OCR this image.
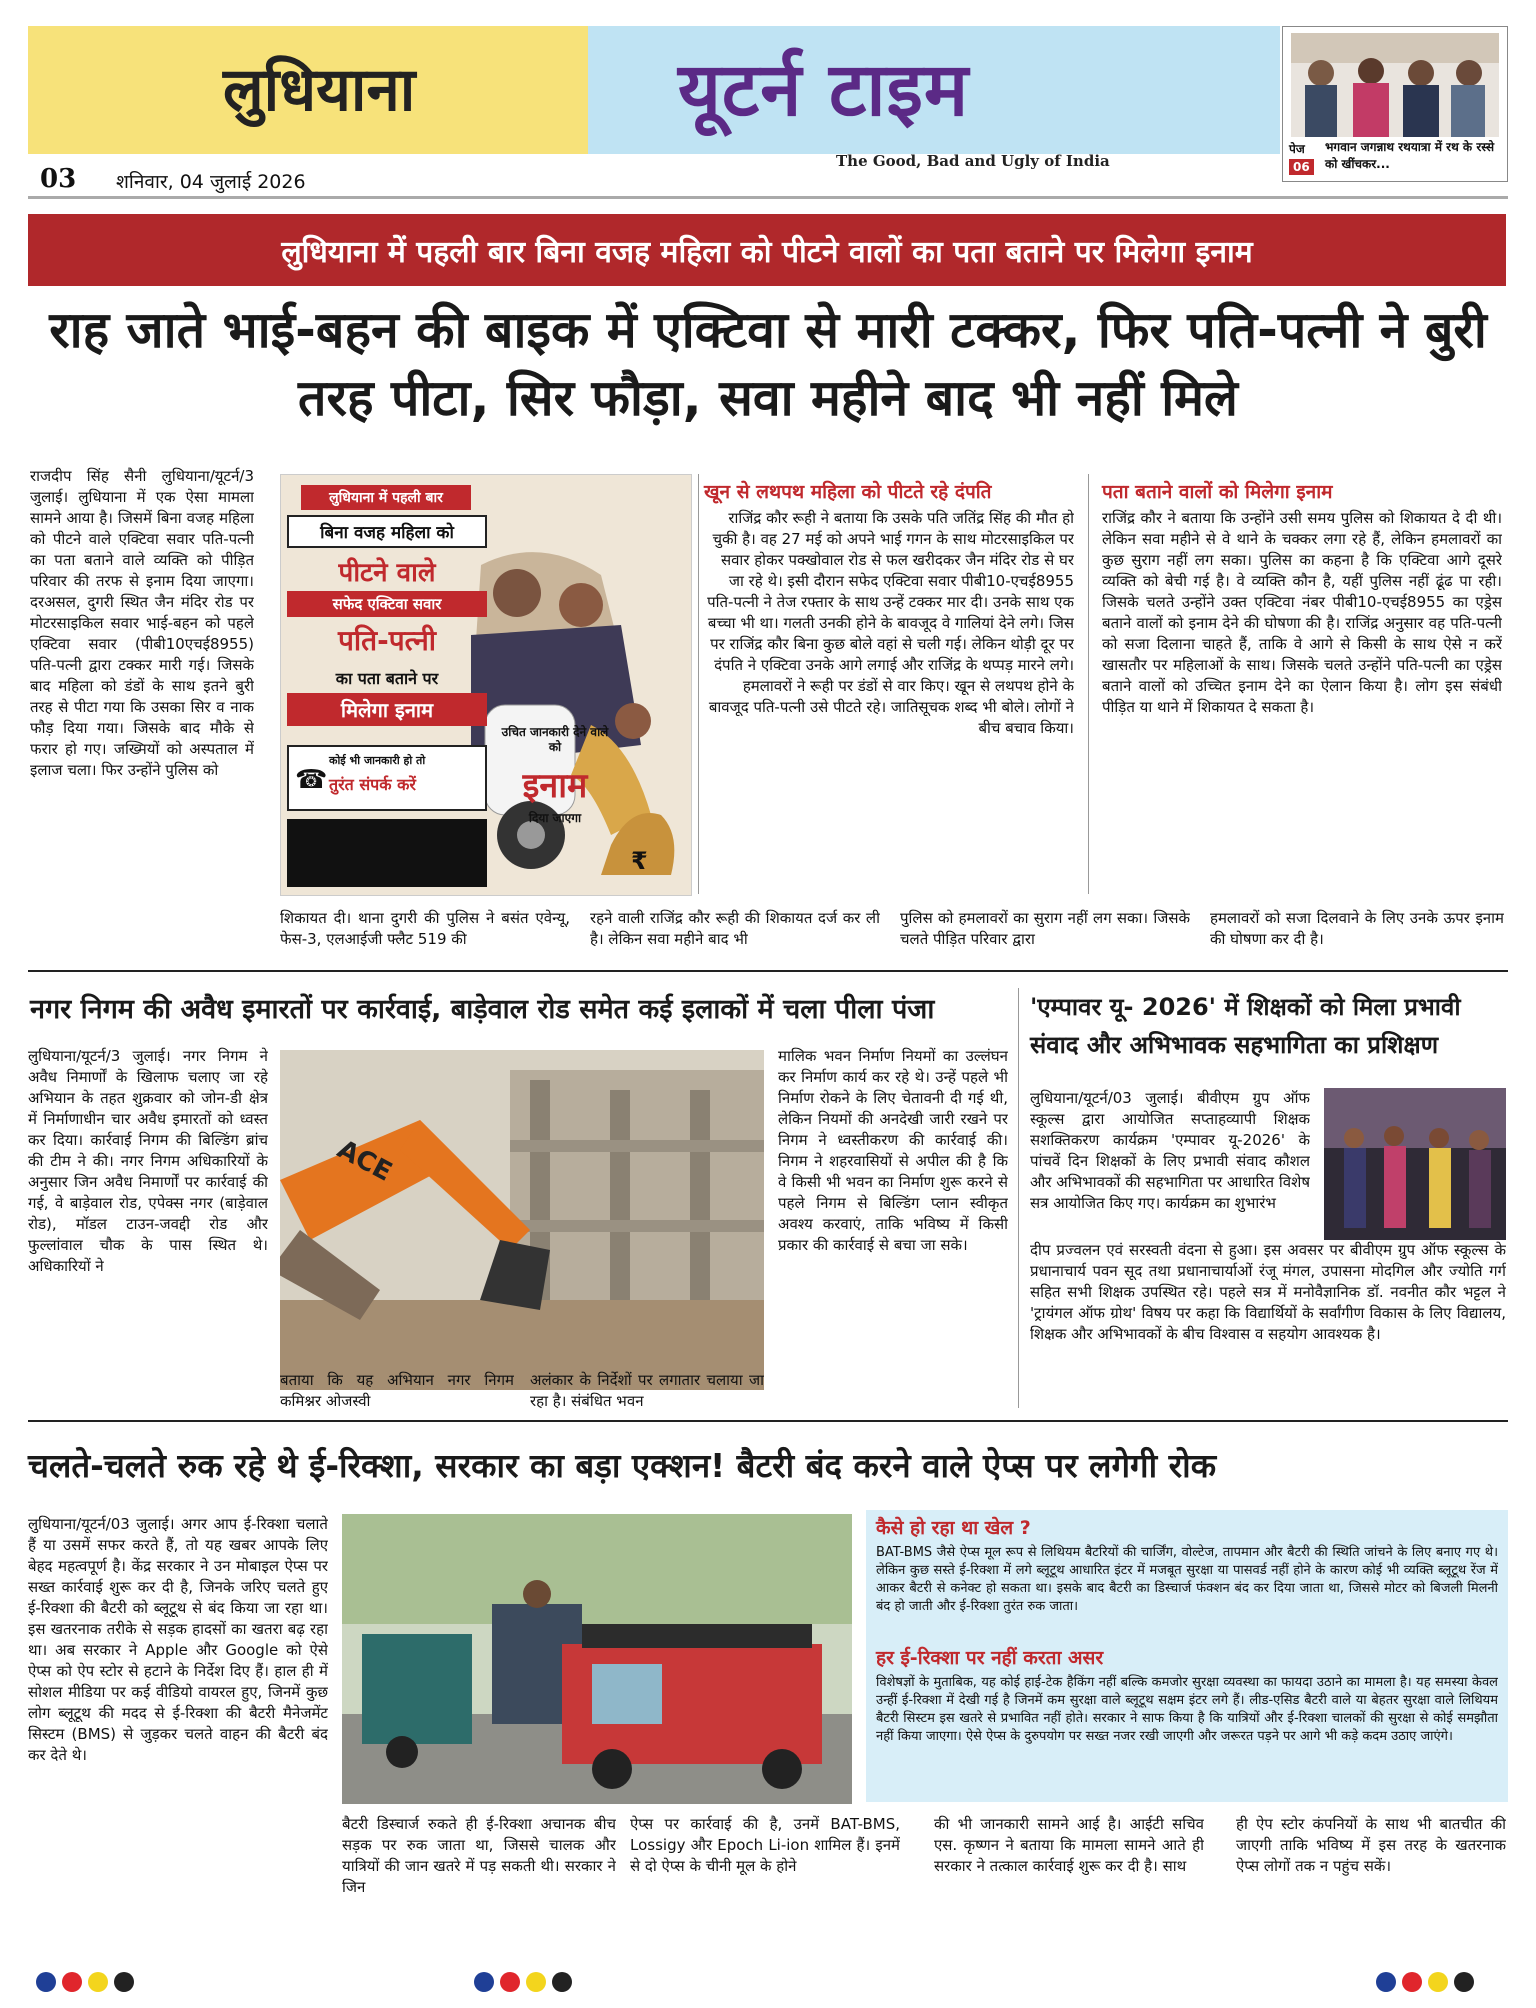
लुधियाना	यूटर्न टाइम
The Good, Bad and Ugly of India
03 शनिवार, 04 जुलाई 2026
पेज
06
भगवान जगन्नाथ रथयात्रा में रथ के रस्से को खींचकर...
लुधियाना में पहली बार बिना वजह महिला को पीटने वालों का पता बताने पर मिलेगा इनाम
राह जाते भाई-बहन की बाइक में एक्टिवा से मारी टक्कर, फिर पति-पत्नी ने बुरी तरह पीटा, सिर फौड़ा, सवा महीने बाद भी नहीं मिले
राजदीप सिंह सैनी लुधियाना/यूटर्न/3 जुलाई। लुधियाना में एक ऐसा मामला सामने आया है। जिसमें बिना वजह महिला को पीटने वाले एक्टिवा सवार पति-पत्नी का पता बताने वाले व्यक्ति को पीड़ित परिवार की तरफ से इनाम दिया जाएगा। दरअसल, दुगरी स्थित जैन मंदिर रोड पर मोटरसाइकिल सवार भाई-बहन को पहले एक्टिवा सवार (पीबी10एचई8955) पति-पत्नी द्वारा टक्कर मारी गई। जिसके बाद महिला को डंडों के साथ इतने बुरी तरह से पीटा गया कि उसका सिर व नाक फौड़ दिया गया। जिसके बाद मौके से फरार हो गए। जख्मियों को अस्पताल में इलाज चला। फिर उन्होंने पुलिस को
लुधियाना में पहली बार
बिना वजह महिला को
पीटने वाले
सफेद एक्टिवा सवार
पति-पत्नी
का पता बताने पर
मिलेगा इनाम
☎
कोई भी जानकारी हो तो
तुरंत संपर्क करें
उचित जानकारी देने वाले को
इनाम
दिया जाएगा
₹
खून से लथपथ महिला को पीटते रहे दंपति
राजिंद्र कौर रूही ने बताया कि उसके पति जतिंद्र सिंह की मौत हो चुकी है। वह 27 मई को अपने भाई गगन के साथ मोटरसाइकिल पर सवार होकर पक्खोवाल रोड से फल खरीदकर जैन मंदिर रोड से घर जा रहे थे। इसी दौरान सफेद एक्टिवा सवार पीबी10-एचई8955 पति-पत्नी ने तेज रफ्तार के साथ उन्हें टक्कर मार दी। उनके साथ एक बच्चा भी था। गलती उनकी होने के बावजूद वे गालियां देने लगे। जिस पर राजिंद्र कौर बिना कुछ बोले वहां से चली गई। लेकिन थोड़ी दूर पर दंपति ने एक्टिवा उनके आगे लगाई और राजिंद्र के थप्पड़ मारने लगे। हमलावरों ने रूही पर डंडों से वार किए। खून से लथपथ होने के बावजूद पति-पत्नी उसे पीटते रहे। जातिसूचक शब्द भी बोले। लोगों ने बीच बचाव किया।
पता बताने वालों को मिलेगा इनाम
राजिंद्र कौर ने बताया कि उन्होंने उसी समय पुलिस को शिकायत दे दी थी। लेकिन सवा महीने से वे थाने के चक्कर लगा रहे हैं, लेकिन हमलावरों का कुछ सुराग नहीं लग सका। पुलिस का कहना है कि एक्टिवा आगे दूसरे व्यक्ति को बेची गई है। वे व्यक्ति कौन है, यहीं पुलिस नहीं ढूंढ पा रही। जिसके चलते उन्होंने उक्त एक्टिवा नंबर पीबी10-एचई8955 का एड्रेस बताने वालों को इनाम देने की घोषणा की है। राजिंद्र अनुसार वह पति-पत्नी को सजा दिलाना चाहते हैं, ताकि वे आगे से किसी के साथ ऐसे न करें खासतौर पर महिलाओं के साथ। जिसके चलते उन्होंने पति-पत्नी का एड्रेस बताने वालों को उच्चित इनाम देने का ऐलान किया है। लोग इस संबंधी पीड़ित या थाने में शिकायत दे सकता है।
शिकायत दी। थाना दुगरी की पुलिस ने बसंत एवेन्यू, फेस-3, एलआईजी फ्लैट 519 की
रहने वाली राजिंद्र कौर रूही की शिकायत दर्ज कर ली है। लेकिन सवा महीने बाद भी
पुलिस को हमलावरों का सुराग नहीं लग सका। जिसके चलते पीड़ित परिवार द्वारा
हमलावरों को सजा दिलवाने के लिए उनके ऊपर इनाम की घोषणा कर दी है।
नगर निगम की अवैध इमारतों पर कार्रवाई, बाड़ेवाल रोड समेत कई इलाकों में चला पीला पंजा
लुधियाना/यूटर्न/3 जुलाई। नगर निगम ने अवैध निमार्णों के खिलाफ चलाए जा रहे अभियान के तहत शुक्रवार को जोन-डी क्षेत्र में निर्माणाधीन चार अवैध इमारतों को ध्वस्त कर दिया। कार्रवाई निगम की बिल्डिंग ब्रांच की टीम ने की। नगर निगम अधिकारियों के अनुसार जिन अवैध निमार्णों पर कार्रवाई की गई, वे बाड़ेवाल रोड, एपेक्स नगर (बाड़ेवाल रोड), मॉडल टाउन-जवद्दी रोड और फुल्लांवाल चौक के पास स्थित थे। अधिकारियों ने
ACE
मालिक भवन निर्माण नियमों का उल्लंघन कर निर्माण कार्य कर रहे थे। उन्हें पहले भी निर्माण रोकने के लिए चेतावनी दी गई थी, लेकिन नियमों की अनदेखी जारी रखने पर निगम ने ध्वस्तीकरण की कार्रवाई की। निगम ने शहरवासियों से अपील की है कि वे किसी भी भवन का निर्माण शुरू करने से पहले निगम से बिल्डिंग प्लान स्वीकृत अवश्य करवाएं, ताकि भविष्य में किसी प्रकार की कार्रवाई से बचा जा सके।
बताया कि यह अभियान नगर निगम कमिश्नर ओजस्वी
अलंकार के निर्देशों पर लगातार चलाया जा रहा है। संबंधित भवन
'एम्पावर यू- 2026' में शिक्षकों को मिला प्रभावी संवाद और अभिभावक सहभागिता का प्रशिक्षण
लुधियाना/यूटर्न/03 जुलाई। बीवीएम ग्रुप ऑफ स्कूल्स द्वारा आयोजित सप्ताहव्यापी शिक्षक सशक्तिकरण कार्यक्रम 'एम्पावर यू-2026' के पांचवें दिन शिक्षकों के लिए प्रभावी संवाद कौशल और अभिभावकों की सहभागिता पर आधारित विशेष सत्र आयोजित किए गए। कार्यक्रम का शुभारंभ
दीप प्रज्वलन एवं सरस्वती वंदना से हुआ। इस अवसर पर बीवीएम ग्रुप ऑफ स्कूल्स के प्रधानाचार्य पवन सूद तथा प्रधानाचार्याओं रंजू मंगल, उपासना मोदगिल और ज्योति गर्ग सहित सभी शिक्षक उपस्थित रहे। पहले सत्र में मनोवैज्ञानिक डॉ. नवनीत कौर भट्टल ने 'ट्रायंगल ऑफ ग्रोथ' विषय पर कहा कि विद्यार्थियों के सर्वांगीण विकास के लिए विद्यालय, शिक्षक और अभिभावकों के बीच विश्वास व सहयोग आवश्यक है।
चलते-चलते रुक रहे थे ई-रिक्शा, सरकार का बड़ा एक्शन! बैटरी बंद करने वाले ऐप्स पर लगेगी रोक
लुधियाना/यूटर्न/03 जुलाई। अगर आप ई-रिक्शा चलाते हैं या उसमें सफर करते हैं, तो यह खबर आपके लिए बेहद महत्वपूर्ण है। केंद्र सरकार ने उन मोबाइल ऐप्स पर सख्त कार्रवाई शुरू कर दी है, जिनके जरिए चलते हुए ई-रिक्शा की बैटरी को ब्लूटूथ से बंद किया जा रहा था। इस खतरनाक तरीके से सड़क हादसों का खतरा बढ़ रहा था। अब सरकार ने Apple और Google को ऐसे ऐप्स को ऐप स्टोर से हटाने के निर्देश दिए हैं। हाल ही में सोशल मीडिया पर कई वीडियो वायरल हुए, जिनमें कुछ लोग ब्लूटूथ की मदद से ई-रिक्शा की बैटरी मैनेजमेंट सिस्टम (BMS) से जुड़कर चलते वाहन की बैटरी बंद कर देते थे।
कैसे हो रहा था खेल ?
BAT-BMS जैसे ऐप्स मूल रूप से लिथियम बैटरियों की चार्जिंग, वोल्टेज, तापमान और बैटरी की स्थिति जांचने के लिए बनाए गए थे। लेकिन कुछ सस्ते ई-रिक्शा में लगे ब्लूटूथ आधारित इंटर में मजबूत सुरक्षा या पासवर्ड नहीं होने के कारण कोई भी व्यक्ति ब्लूटूथ रेंज में आकर बैटरी से कनेक्ट हो सकता था। इसके बाद बैटरी का डिस्चार्ज फंक्शन बंद कर दिया जाता था, जिससे मोटर को बिजली मिलनी बंद हो जाती और ई-रिक्शा तुरंत रुक जाता।
हर ई-रिक्शा पर नहीं करता असर
विशेषज्ञों के मुताबिक, यह कोई हाई-टेक हैकिंग नहीं बल्कि कमजोर सुरक्षा व्यवस्था का फायदा उठाने का मामला है। यह समस्या केवल उन्हीं ई-रिक्शा में देखी गई है जिनमें कम सुरक्षा वाले ब्लूटूथ सक्षम इंटर लगे हैं। लीड-एसिड बैटरी वाले या बेहतर सुरक्षा वाले लिथियम बैटरी सिस्टम इस खतरे से प्रभावित नहीं होते। सरकार ने साफ किया है कि यात्रियों और ई-रिक्शा चालकों की सुरक्षा से कोई समझौता नहीं किया जाएगा। ऐसे ऐप्स के दुरुपयोग पर सख्त नजर रखी जाएगी और जरूरत पड़ने पर आगे भी कड़े कदम उठाए जाएंगे।
बैटरी डिस्चार्ज रुकते ही ई-रिक्शा अचानक बीच सड़क पर रुक जाता था, जिससे चालक और यात्रियों की जान खतरे में पड़ सकती थी। सरकार ने जिन
ऐप्स पर कार्रवाई की है, उनमें BAT-BMS, Lossigy और Epoch Li-ion शामिल हैं। इनमें से दो ऐप्स के चीनी मूल के होने
की भी जानकारी सामने आई है। आईटी सचिव एस. कृष्णन ने बताया कि मामला सामने आते ही सरकार ने तत्काल कार्रवाई शुरू कर दी है। साथ
ही ऐप स्टोर कंपनियों के साथ भी बातचीत की जाएगी ताकि भविष्य में इस तरह के खतरनाक ऐप्स लोगों तक न पहुंच सकें।
